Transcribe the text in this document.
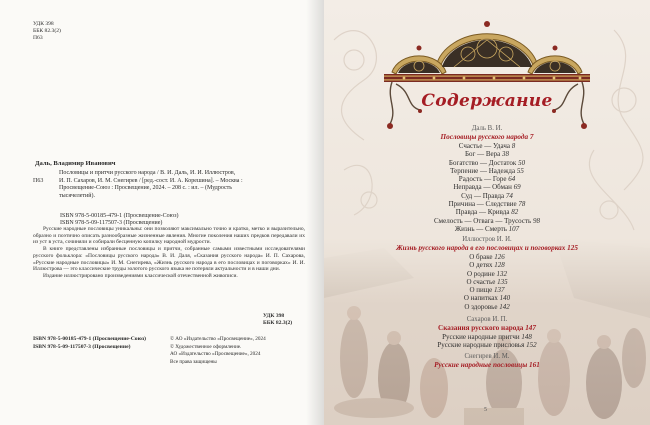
УДК 398
ББК 82.3(2)
П63
Даль, Владимир Иванович
Пословицы и притчи русского народа / В. И. Даль, И. И. Иллюстров,
П63	И. П. Сахаров, И. М. Снегирев / [ред.-сост. И. А. Корешина]. – Москва :
Просвещение-Союз : Просвещение, 2024. – 208 с. : ил. – (Мудрость
тысячелетий).
ISBN 978-5-00185-479-1 (Просвещение-Союз)
ISBN 978-5-09-117507-3 (Просвещение)

Русские народные пословицы уникальны: они позволяют максимально точно и кратко, метко и выразительно, образно и поэтично описать разнообразные жизненные явления. Многие поколения наших предков передавали их из уст в уста, сочиняли и собирали бесценную копилку народной мудрости.

В книге представлены избранные пословицы и притчи, собранные самыми известными исследователями русского фольклора: «Пословицы русского народа» В. И. Даля, «Сказания русского народа» И. П. Сахарова, «Русские народные пословицы» И. М. Снегирева, «Жизнь русского народа в его пословицах и поговорках» И. И. Иллюстрова — это классические труды золотого русского языка не потеряли актуальности и в наши дни.

Издание иллюстрировано произведениями классической отечественной живописи.

УДК 398
ББК 82.3(2)
ISBN 978-5-00185-479-1 (Просвещение-Союз)
ISBN 978-5-09-117507-3 (Просвещение)
© АО «Издательство «Просвещение», 2024
© Художественное оформление.
АО «Издательство «Просвещение», 2024
Все права защищены
Содержание
Даль В. И.
Пословицы русского народа 7
Счастье — Удача 8
Бог — Вера 38
Богатство — Достаток 50
Терпение — Надежда 55
Радость — Горе 64
Неправда — Обман 69
Суд — Правда 74
Причина — Следствие 78
Правда — Кривда 82
Смелость — Отвага — Трусость 98
Жизнь — Смерть 107
Иллюстров И. И.
Жизнь русского народа в его пословицах и поговорках 125
О браке 126
О детях 128
О родине 132
О счастье 135
О пище 137
О напитках 140
О здоровье 142
Сахаров И. П.
Сказания русского народа 147
Русские народные притчи 148
Русские народные присловья 152
Снегирев И. М.
Русские народные пословицы 161
5
